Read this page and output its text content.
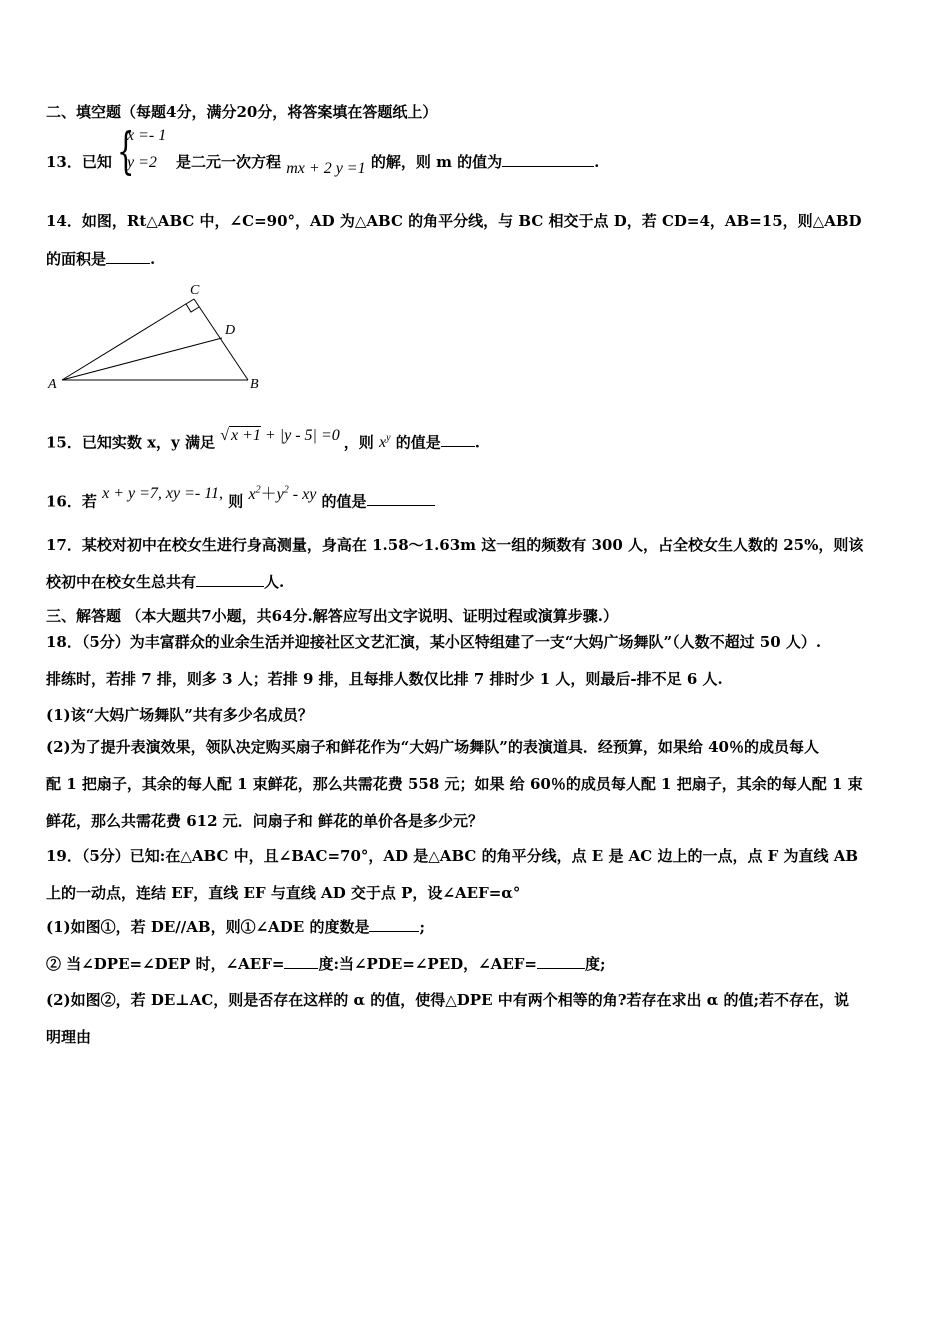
二、填空题（每题4分，满分20分，将答案填在答题纸上）
13．已知 {
x =- 1
y =2 是二元一次方程 mx + 2 y =1 的解，则 m 的值为	.
14．如图，Rt△ABC 中，∠C=90°，AD 为△ABC 的角平分线，与 BC 相交于点 D，若 CD=4，AB=15，则△ABD
的面积是	.
C
D
A	B
15．已知实数 x，y 满足 √ x +1 + |y - 5| =0 ，则 $x^y$ 的值是 .
16．若 x + y =7, xy =- 11, 则 $x^2+y^2$ - xy 的值是
17．某校对初中在校女生进行身高测量，身高在 1.58～1.63m 这一组的频数有 300 人，占全校女生人数的 25%，则该
校初中在校女生总共有	人.
三、解答题 （本大题共7小题，共64分.解答应写出文字说明、证明过程或演算步骤.）
18．（5分）为丰富群众的业余生活并迎接社区文艺汇演，某小区特组建了一支“大妈广场舞队”（人数不超过 50 人）.
排练时，若排 7 排，则多 3 人；若排 9 排，且每排人数仅比排 7 排时少 1 人，则最后-排不足 6 人.
(1)该“大妈广场舞队”共有多少名成员？
(2)为了提升表演效果，领队决定购买扇子和鲜花作为“大妈广场舞队”的表演道具．经预算，如果给 40％的成员每人
配 1 把扇子，其余的每人配 1 束鲜花，那么共需花费 558 元；如果 给 60％的成员每人配 1 把扇子，其余的每人配 1 束
鲜花，那么共需花费 612 元．问扇子和 鲜花的单价各是多少元？
19．（5分）已知:在△ABC 中，且∠BAC=70°，AD 是△ABC 的角平分线，点 E 是 AC 边上的一点，点 F 为直线 AB
上的一动点，连结 EF，直线 EF 与直线 AD 交于点 P，设∠AEF=α°
(1)如图①，若 DE//AB，则①∠ADE 的度数是	;
② 当∠DPE=∠DEP 时，∠AEF= 度:当∠PDE=∠PED，∠AEF=	度;
(2)如图②，若 DE⊥AC，则是否存在这样的 α 的值，使得△DPE 中有两个相等的角?若存在求出 α 的值;若不存在，说
明理由
